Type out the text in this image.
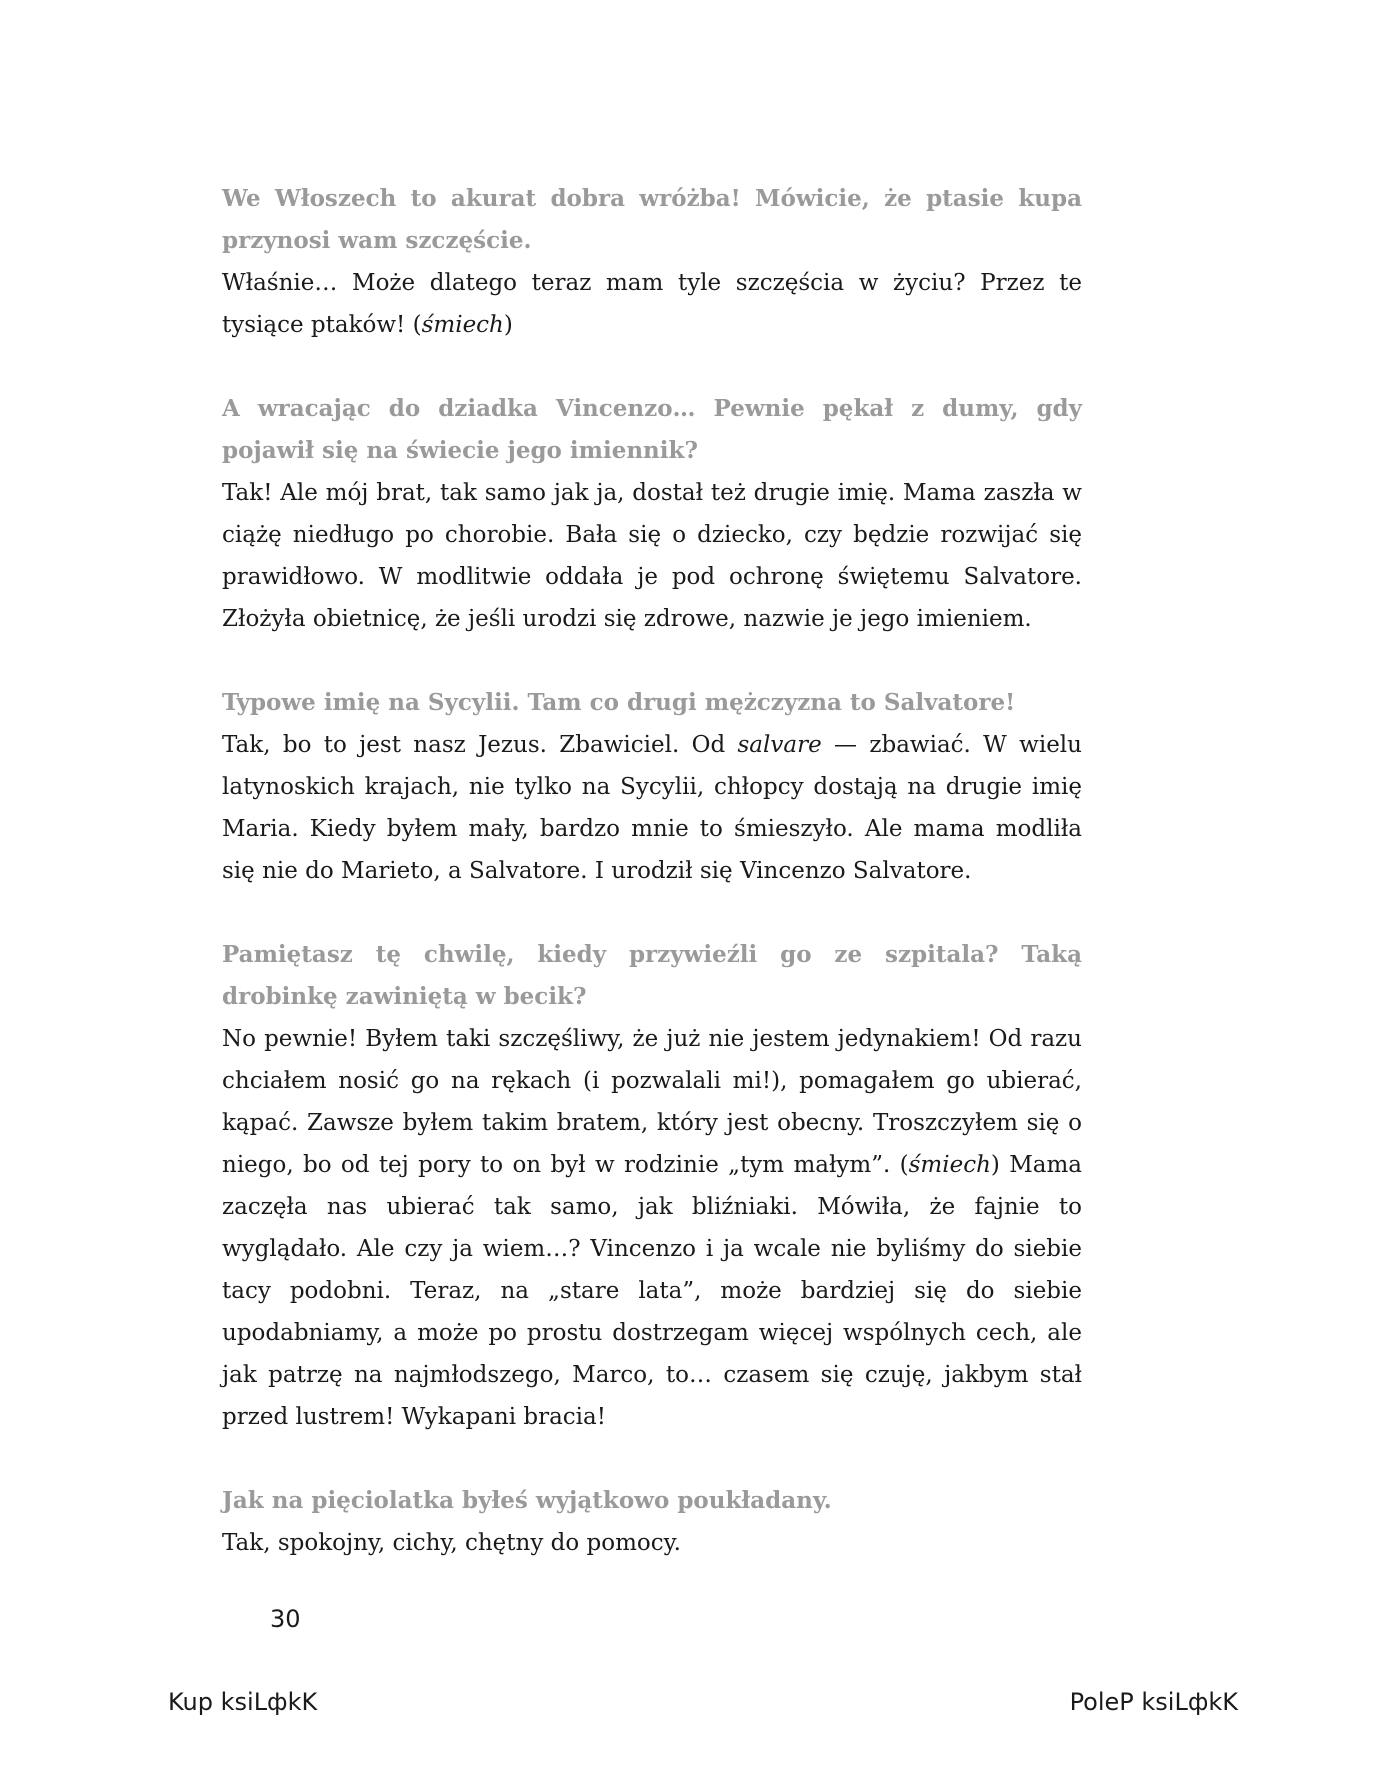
We Włoszech to akurat dobra wróżba! Mówicie, że ptasie kupa przynosi wam szczęście.

Właśnie… Może dlatego teraz mam tyle szczęścia w życiu? Przez te tysiące ptaków! (śmiech)

A wracając do dziadka Vincenzo… Pewnie pękał z dumy, gdy pojawił się na świecie jego imiennik?

Tak! Ale mój brat, tak samo jak ja, dostał też drugie imię. Mama zaszła w ciążę niedługo po chorobie. Bała się o dziecko, czy będzie rozwijać się prawidłowo. W modlitwie oddała je pod ochronę świętemu Salvatore. Złożyła obietnicę, że jeśli urodzi się zdrowe, nazwie je jego imieniem.

Typowe imię na Sycylii. Tam co drugi mężczyzna to Salvatore!

Tak, bo to jest nasz Jezus. Zbawiciel. Od salvare — zbawiać. W wielu latynoskich krajach, nie tylko na Sycylii, chłopcy dostają na drugie imię Maria. Kiedy byłem mały, bardzo mnie to śmieszyło. Ale mama modliła się nie do Marieto, a Salvatore. I urodził się Vincenzo Salvatore.

Pamiętasz tę chwilę, kiedy przywieźli go ze szpitala? Taką drobinkę zawiniętą w becik?

No pewnie! Byłem taki szczęśliwy, że już nie jestem jedynakiem! Od razu chciałem nosić go na rękach (i pozwalali mi!), pomagałem go ubierać, kąpać. Zawsze byłem takim bratem, który jest obecny. Troszczyłem się o niego, bo od tej pory to on był w rodzinie „tym małym”. (śmiech) Mama zaczęła nas ubierać tak samo, jak bliźniaki. Mówiła, że fajnie to wyglądało. Ale czy ja wiem…? Vincenzo i ja wcale nie byliśmy do siebie tacy podobni. Teraz, na „stare lata”, może bardziej się do siebie upodabniamy, a może po prostu dostrzegam więcej wspólnych cech, ale jak patrzę na najmłodszego, Marco, to… czasem się czuję, jakbym stał przed lustrem! Wykapani bracia!

Jak na pięciolatka byłeś wyjątkowo poukładany.

Tak, spokojny, cichy, chętny do pomocy.

30
Kup ksiLфkK	PoleP ksiLфkK
